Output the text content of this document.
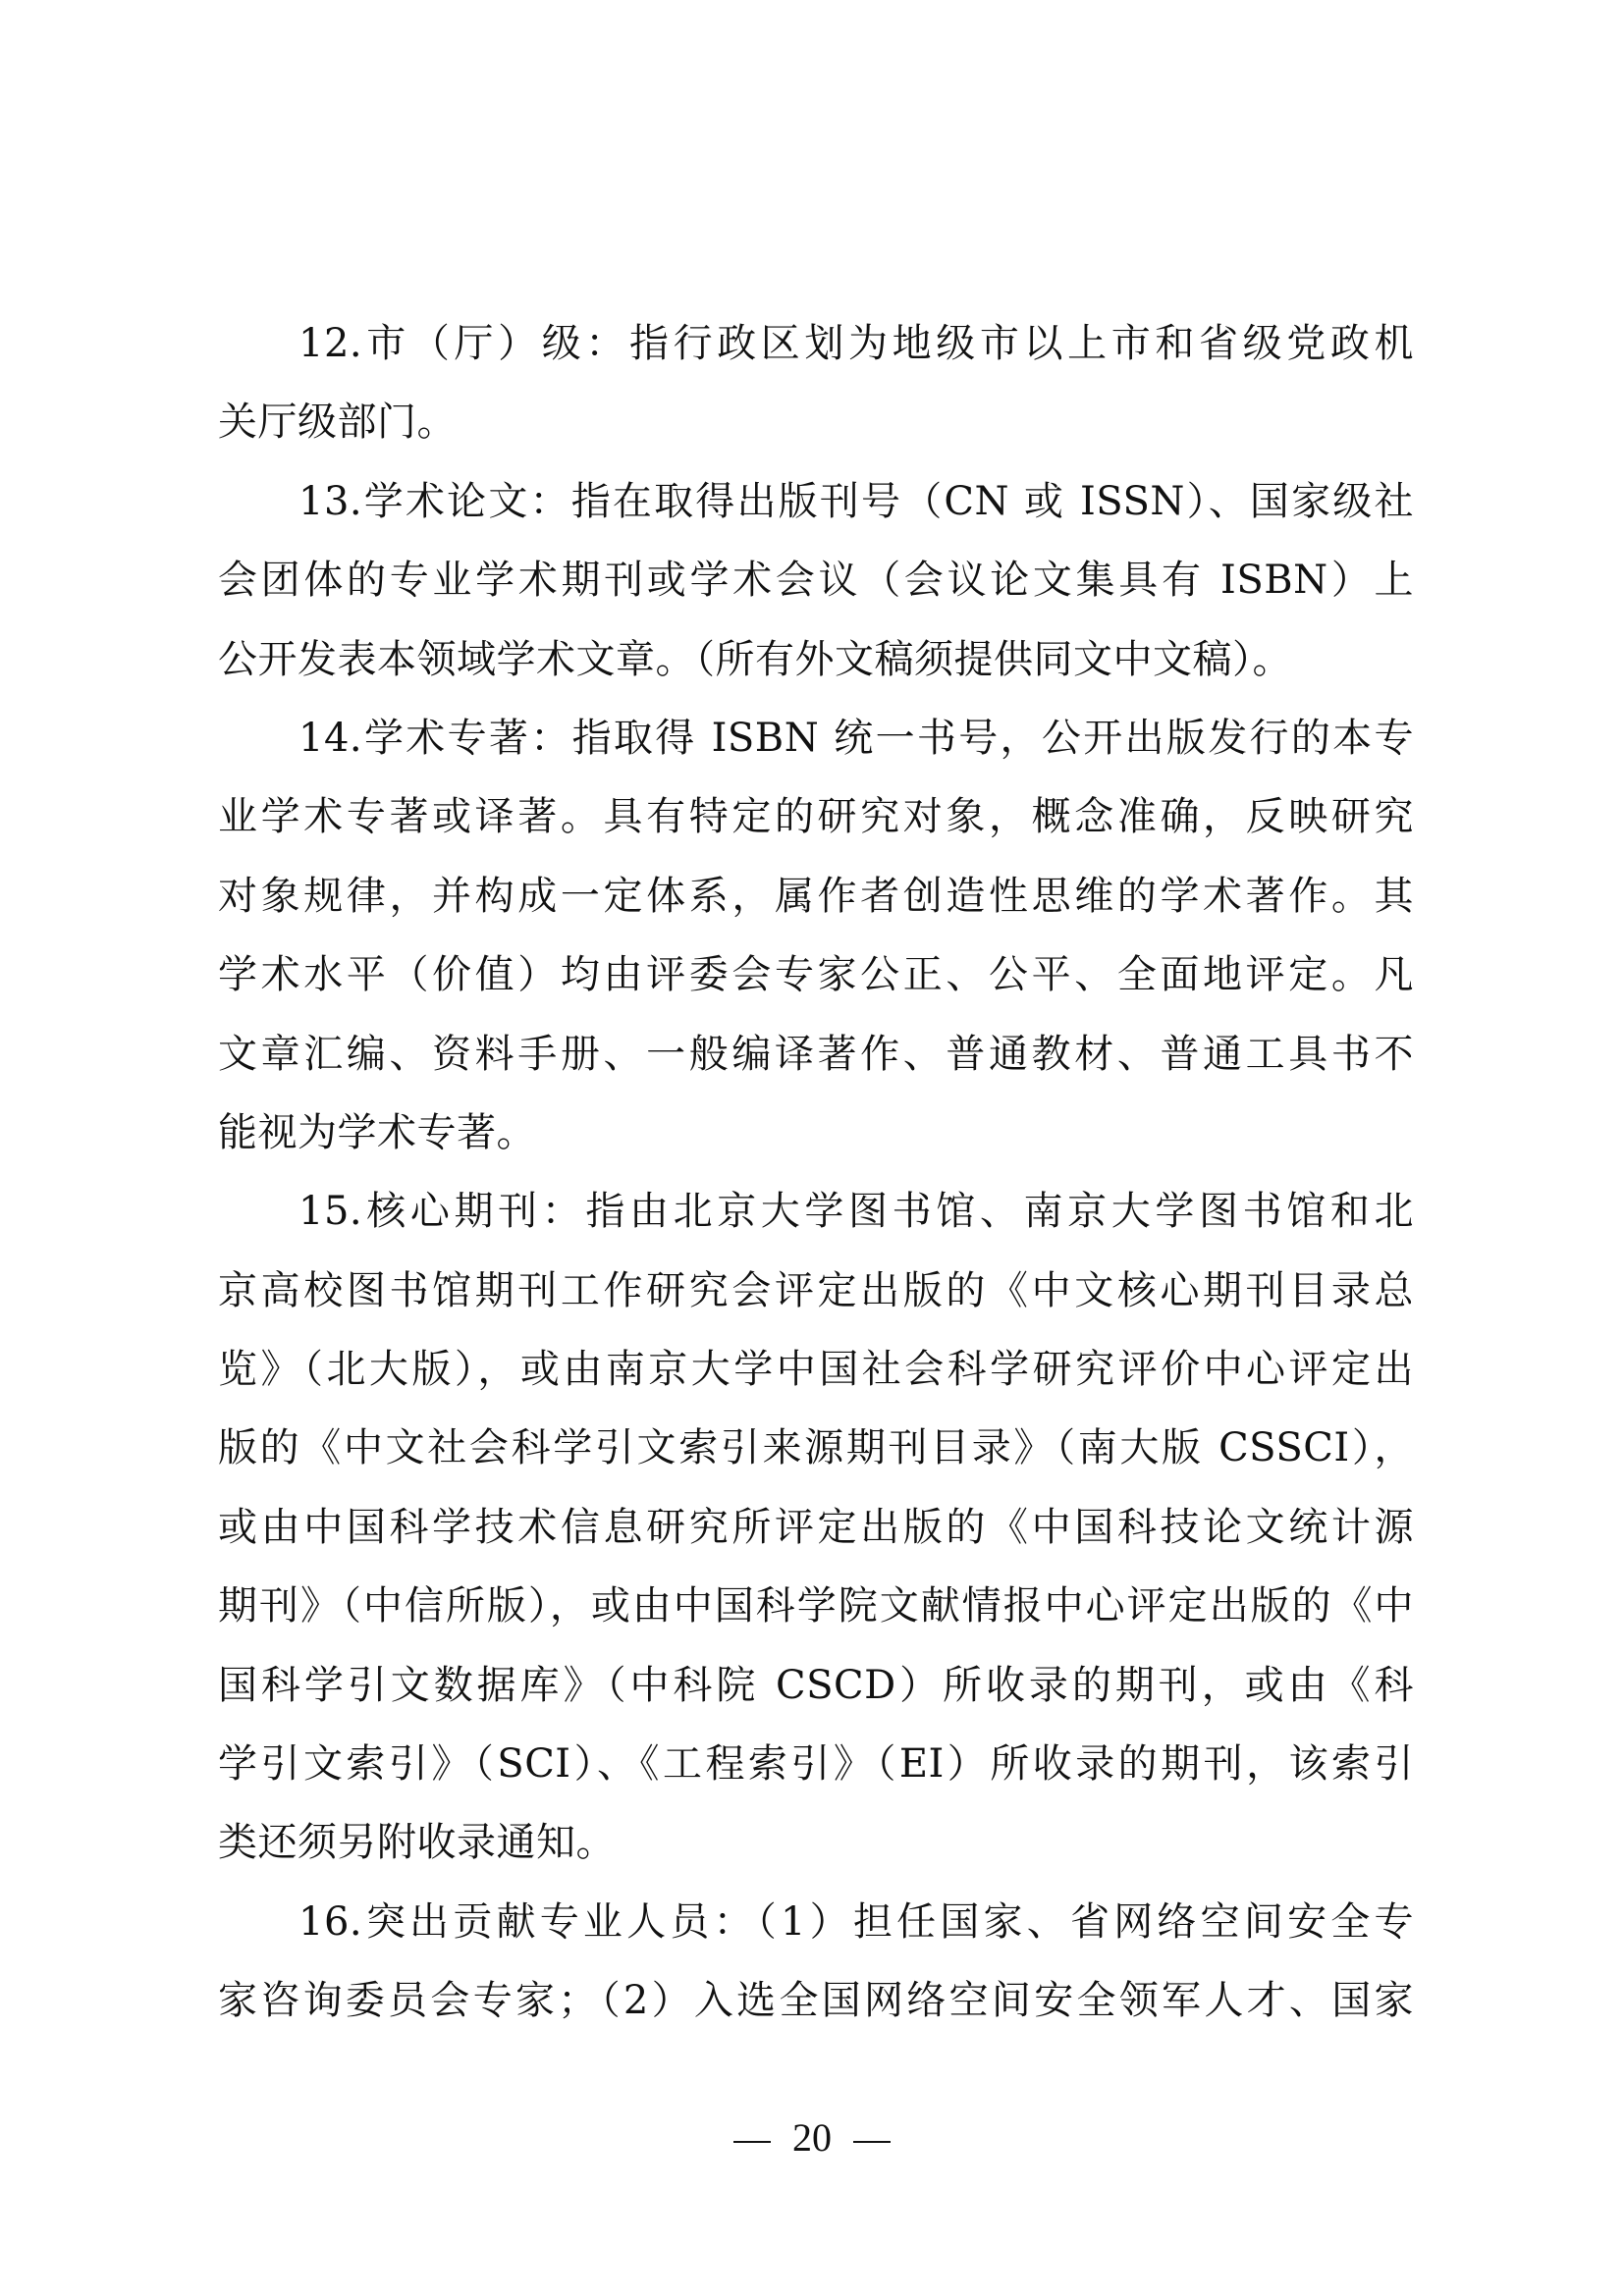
12.市（厅）级：指行政区划为地级市以上市和省级党政机
关厅级部门。
13.学术论文：指在取得出版刊号（CN 或 ISSN）、国家级社
会团体的专业学术期刊或学术会议（会议论文集具有 ISBN）上
公开发表本领域学术文章。（所有外文稿须提供同文中文稿）。
14.学术专著：指取得 ISBN 统一书号，公开出版发行的本专
业学术专著或译著。具有特定的研究对象，概念准确，反映研究
对象规律，并构成一定体系，属作者创造性思维的学术著作。其
学术水平（价值）均由评委会专家公正、公平、全面地评定。凡
文章汇编、资料手册、一般编译著作、普通教材、普通工具书不
能视为学术专著。
15.核心期刊：指由北京大学图书馆、南京大学图书馆和北
京高校图书馆期刊工作研究会评定出版的《中文核心期刊目录总
览》（北大版），或由南京大学中国社会科学研究评价中心评定出
版的《中文社会科学引文索引来源期刊目录》（南大版 CSSCI），
或由中国科学技术信息研究所评定出版的《中国科技论文统计源
期刊》（中信所版），或由中国科学院文献情报中心评定出版的《中
国科学引文数据库》（中科院 CSCD）所收录的期刊，或由《科
学引文索引》（SCI）、《工程索引》（EI）所收录的期刊，该索引
类还须另附收录通知。
16.突出贡献专业人员：（1）担任国家、省网络空间安全专
家咨询委员会专家；（2）入选全国网络空间安全领军人才、国家
20
